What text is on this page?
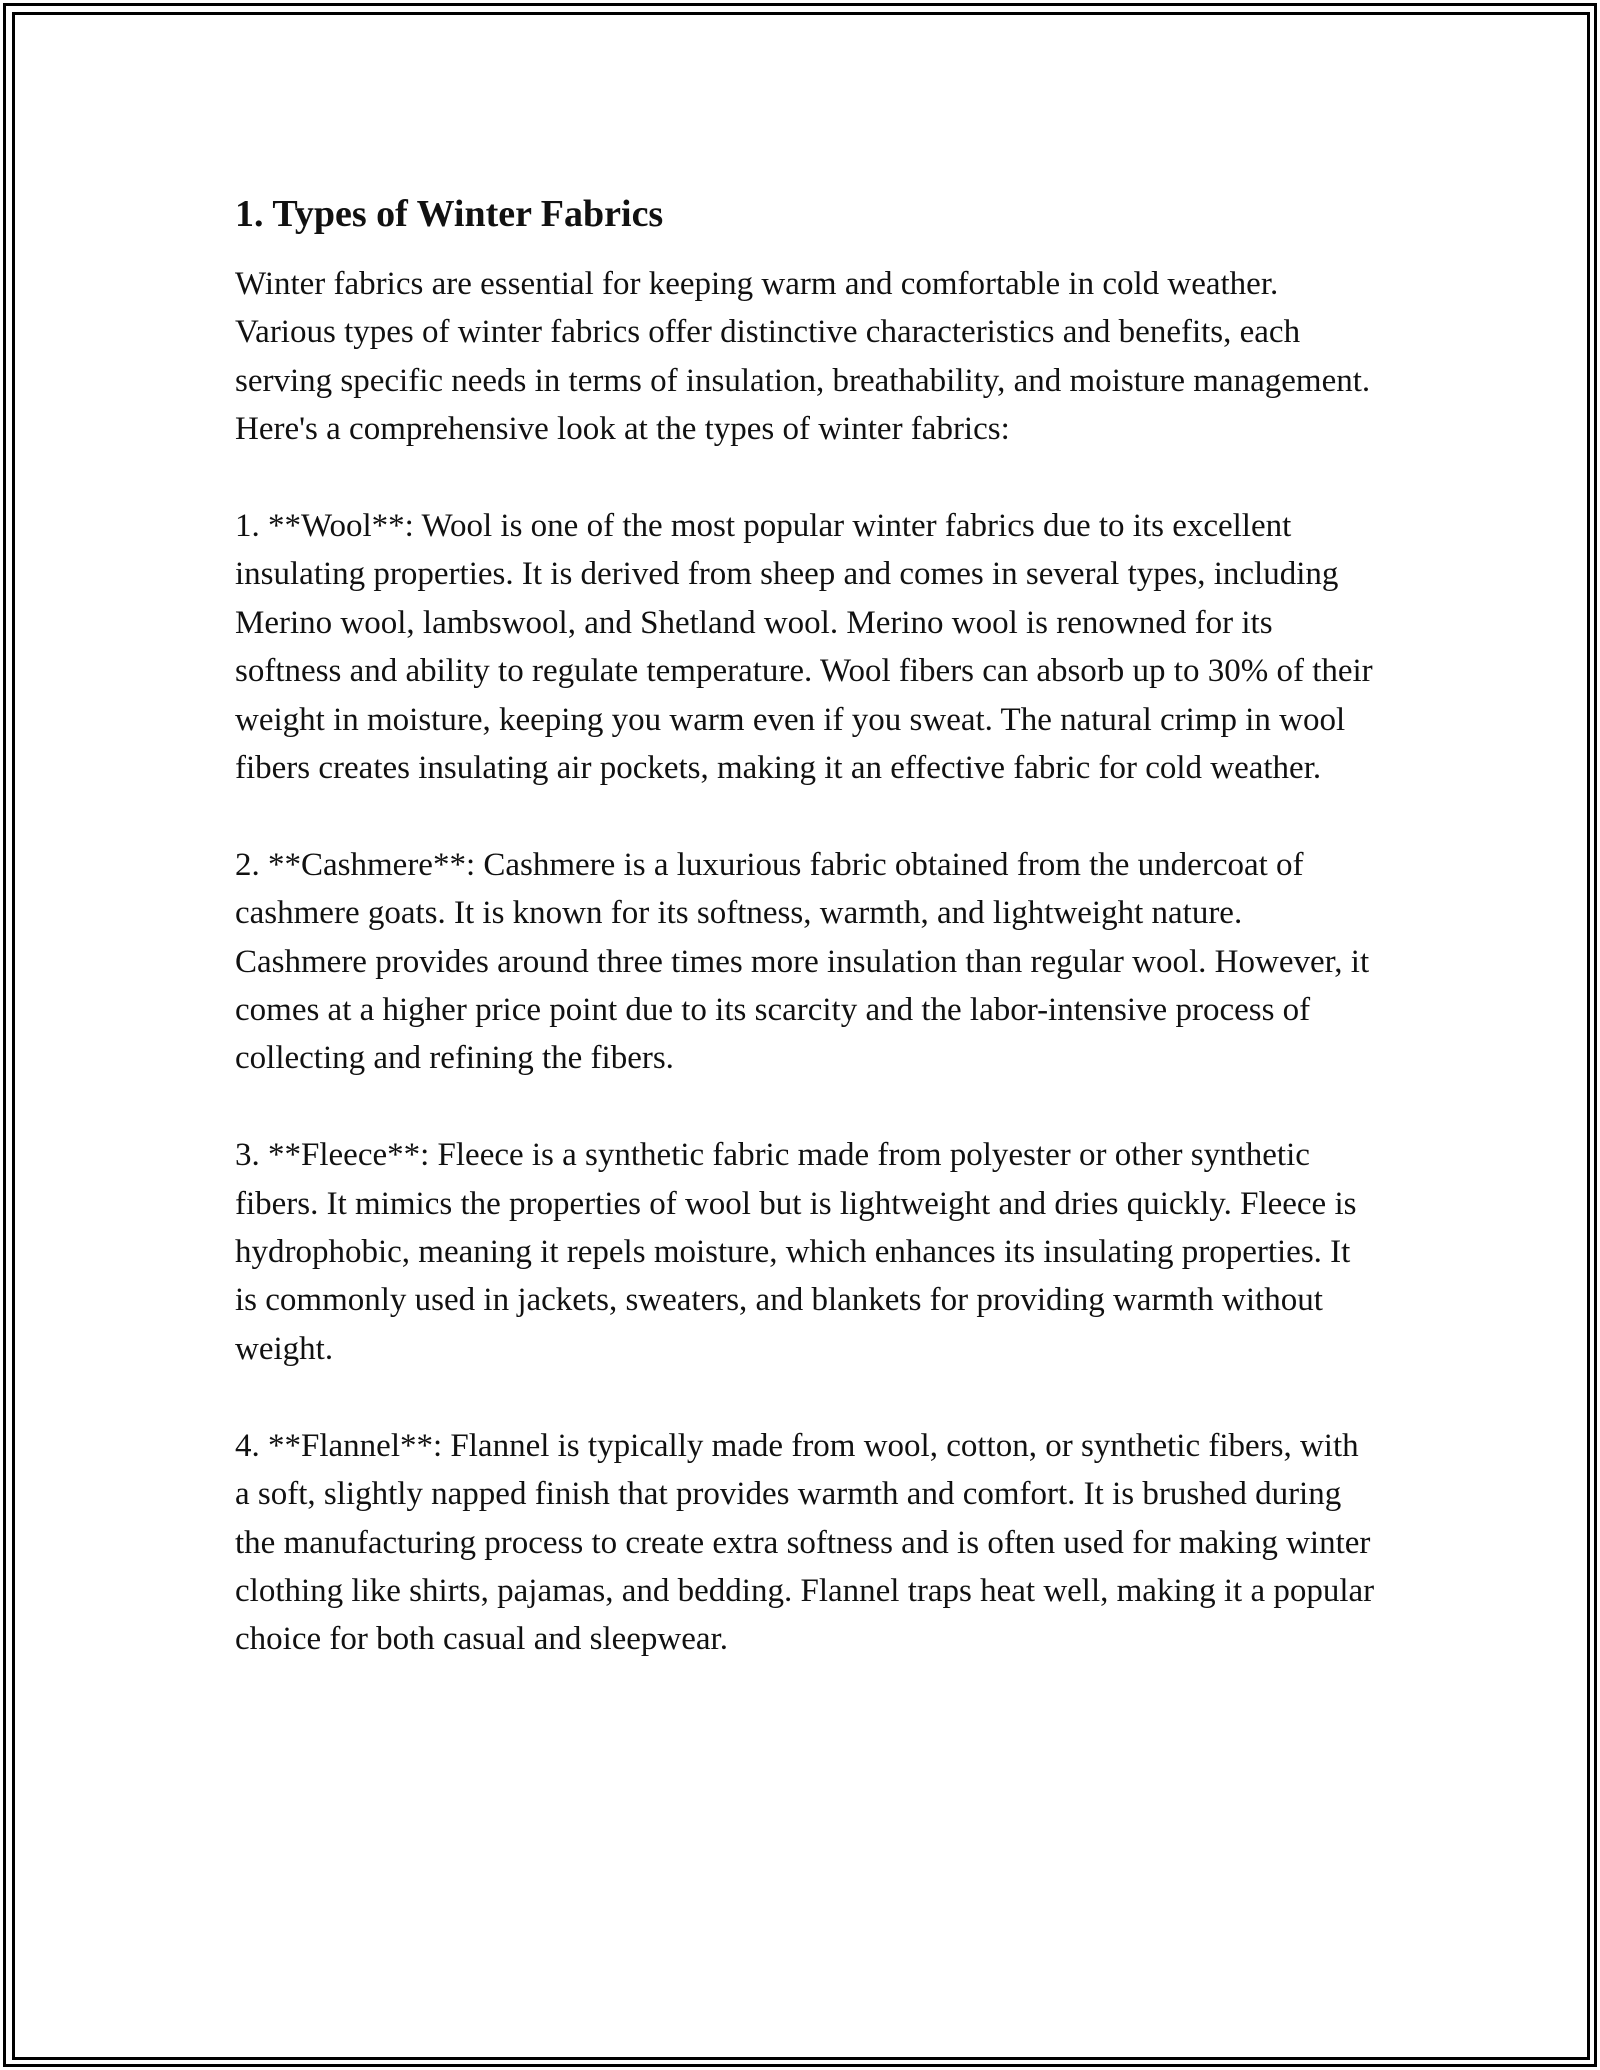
1. Types of Winter Fabrics

Winter fabrics are essential for keeping warm and comfortable in cold weather. Various types of winter fabrics offer distinctive characteristics and benefits, each serving specific needs in terms of insulation, breathability, and moisture management. Here's a comprehensive look at the types of winter fabrics:

1. **Wool**: Wool is one of the most popular winter fabrics due to its excellent insulating properties. It is derived from sheep and comes in several types, including Merino wool, lambswool, and Shetland wool. Merino wool is renowned for its softness and ability to regulate temperature. Wool fibers can absorb up to 30% of their weight in moisture, keeping you warm even if you sweat. The natural crimp in wool fibers creates insulating air pockets, making it an effective fabric for cold weather.

2. **Cashmere**: Cashmere is a luxurious fabric obtained from the undercoat of cashmere goats. It is known for its softness, warmth, and lightweight nature. Cashmere provides around three times more insulation than regular wool. However, it comes at a higher price point due to its scarcity and the labor-intensive process of collecting and refining the fibers.

3. **Fleece**: Fleece is a synthetic fabric made from polyester or other synthetic fibers. It mimics the properties of wool but is lightweight and dries quickly. Fleece is hydrophobic, meaning it repels moisture, which enhances its insulating properties. It is commonly used in jackets, sweaters, and blankets for providing warmth without weight.

4. **Flannel**: Flannel is typically made from wool, cotton, or synthetic fibers, with a soft, slightly napped finish that provides warmth and comfort. It is brushed during the manufacturing process to create extra softness and is often used for making winter clothing like shirts, pajamas, and bedding. Flannel traps heat well, making it a popular choice for both casual and sleepwear.
